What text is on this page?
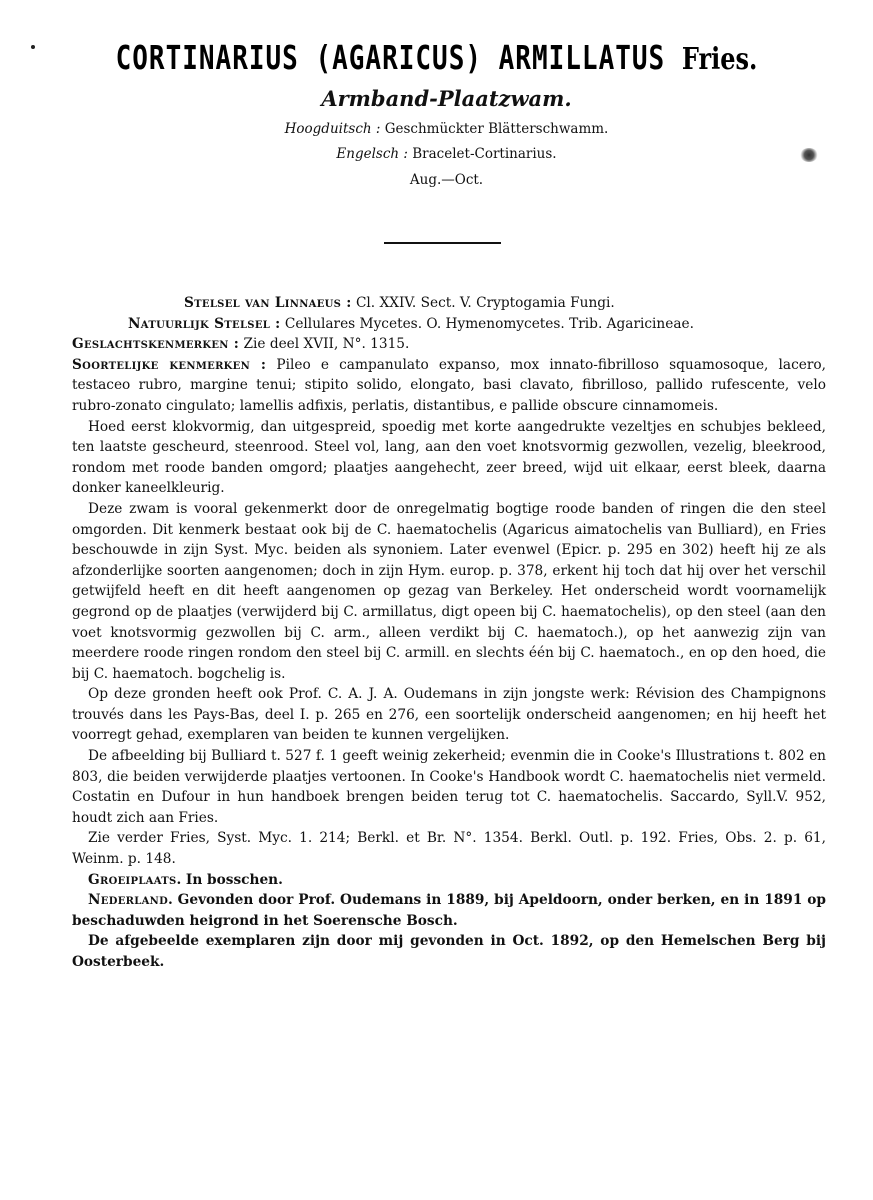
CORTINARIUS (AGARICUS) ARMILLATUS Fries.
Armband-Plaatzwam.
Hoogduitsch : Geschmückter Blätterschwamm.
Engelsch : Bracelet-Cortinarius.
Aug.—Oct.

Stelsel van Linnaeus : Cl. XXIV. Sect. V. Cryptogamia Fungi.

Natuurlijk Stelsel : Cellulares Mycetes. O. Hymenomycetes. Trib. Agaricineae.

Geslachtskenmerken : Zie deel XVII, N°. 1315.

Soortelijke kenmerken : Pileo e campanulato expanso, mox innato-fibrilloso squamosoque, lacero, testaceo rubro, margine tenui; stipito solido, elongato, basi clavato, fibrilloso, pallido rufescente, velo rubro-zonato cingulato; lamellis adfixis, perlatis, distantibus, e pallide obscure cinnamomeis.

Hoed eerst klokvormig, dan uitgespreid, spoedig met korte aangedrukte vezeltjes en schubjes bekleed, ten laatste gescheurd, steenrood. Steel vol, lang, aan den voet knotsvormig gezwollen, vezelig, bleekrood, rondom met roode banden omgord; plaatjes aangehecht, zeer breed, wijd uit elkaar, eerst bleek, daarna donker kaneelkleurig.

Deze zwam is vooral gekenmerkt door de onregelmatig bogtige roode banden of ringen die den steel omgorden. Dit kenmerk bestaat ook bij de C. haematochelis (Agaricus aimatochelis van Bulliard), en Fries beschouwde in zijn Syst. Myc. beiden als synoniem. Later evenwel (Epicr. p. 295 en 302) heeft hij ze als afzonderlijke soorten aangenomen; doch in zijn Hym. europ. p. 378, erkent hij toch dat hij over het verschil getwijfeld heeft en dit heeft aangenomen op gezag van Berkeley. Het onderscheid wordt voornamelijk gegrond op de plaatjes (verwijderd bij C. armillatus, digt opeen bij C. haematochelis), op den steel (aan den voet knotsvormig gezwollen bij C. arm., alleen verdikt bij C. haematoch.), op het aanwezig zijn van meerdere roode ringen rondom den steel bij C. armill. en slechts één bij C. haematoch., en op den hoed, die bij C. haematoch. bogchelig is.

Op deze gronden heeft ook Prof. C. A. J. A. Oudemans in zijn jongste werk: Révision des Champignons trouvés dans les Pays-Bas, deel I. p. 265 en 276, een soortelijk onderscheid aangenomen; en hij heeft het voorregt gehad, exemplaren van beiden te kunnen vergelijken.

De afbeelding bij Bulliard t. 527 f. 1 geeft weinig zekerheid; evenmin die in Cooke's Illustrations t. 802 en 803, die beiden verwijderde plaatjes vertoonen. In Cooke's Handbook wordt C. haematochelis niet vermeld. Costatin en Dufour in hun handboek brengen beiden terug tot C. haematochelis. Saccardo, Syll.V. 952, houdt zich aan Fries.

Zie verder Fries, Syst. Myc. 1. 214; Berkl. et Br. N°. 1354. Berkl. Outl. p. 192. Fries, Obs. 2. p. 61, Weinm. p. 148.

Groeiplaats. In bosschen.

Nederland. Gevonden door Prof. Oudemans in 1889, bij Apeldoorn, onder berken, en in 1891 op beschaduwden heigrond in het Soerensche Bosch.

De afgebeelde exemplaren zijn door mij gevonden in Oct. 1892, op den Hemelschen Berg bij Oosterbeek.
